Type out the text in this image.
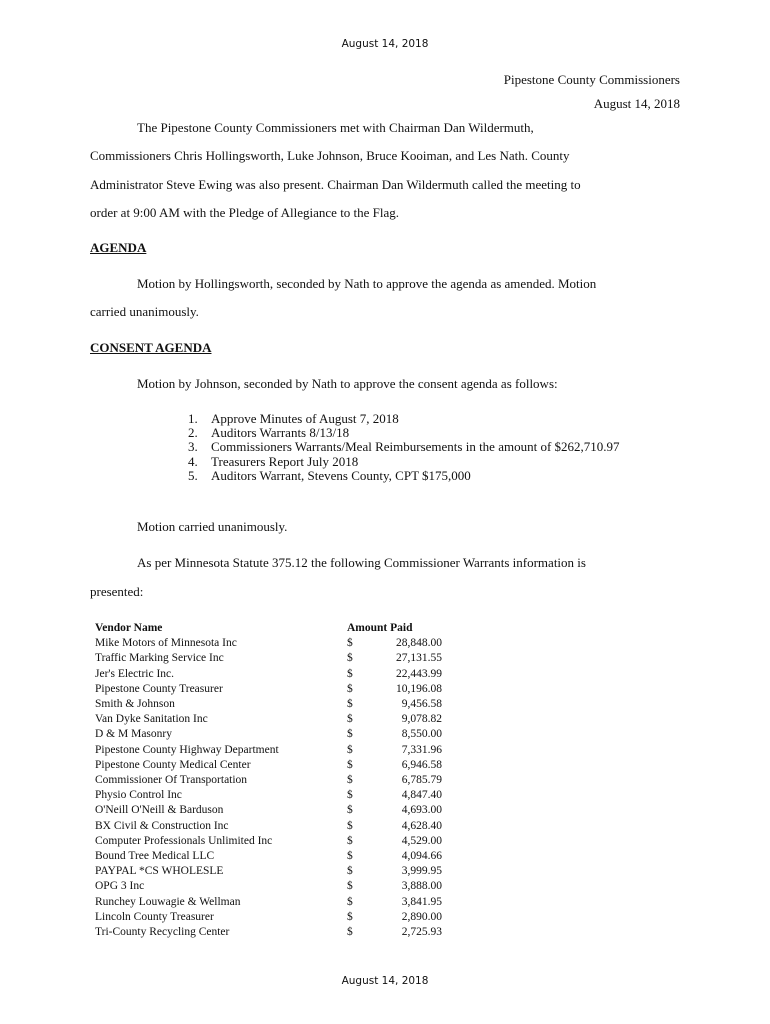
August 14, 2018
Pipestone County Commissioners
August 14, 2018
The Pipestone County Commissioners met with Chairman Dan Wildermuth,
Commissioners Chris Hollingsworth, Luke Johnson, Bruce Kooiman, and Les Nath. County
Administrator Steve Ewing was also present. Chairman Dan Wildermuth called the meeting to
order at 9:00 AM with the Pledge of Allegiance to the Flag.
AGENDA
Motion by Hollingsworth, seconded by Nath to approve the agenda as amended. Motion
carried unanimously.
CONSENT AGENDA
Motion by Johnson, seconded by Nath to approve the consent agenda as follows:
1. Approve Minutes of August 7, 2018
2. Auditors Warrants 8/13/18
3. Commissioners Warrants/Meal Reimbursements in the amount of $262,710.97
4. Treasurers Report July 2018
5. Auditors Warrant, Stevens County, CPT $175,000
Motion carried unanimously.
As per Minnesota Statute 375.12 the following Commissioner Warrants information is
presented:
Vendor Name	Amount Paid	
Mike Motors of Minnesota Inc	$	28,848.00
Traffic Marking Service Inc	$	27,131.55
Jer's Electric Inc.	$	22,443.99
Pipestone County Treasurer	$	10,196.08
Smith & Johnson	$	9,456.58
Van Dyke Sanitation Inc	$	9,078.82
D & M Masonry	$	8,550.00
Pipestone County Highway Department	$	7,331.96
Pipestone County Medical Center	$	6,946.58
Commissioner Of Transportation	$	6,785.79
Physio Control Inc	$	4,847.40
O'Neill O'Neill & Barduson	$	4,693.00
BX Civil & Construction Inc	$	4,628.40
Computer Professionals Unlimited Inc	$	4,529.00
Bound Tree Medical LLC	$	4,094.66
PAYPAL *CS WHOLESLE	$	3,999.95
OPG 3 Inc	$	3,888.00
Runchey Louwagie & Wellman	$	3,841.95
Lincoln County Treasurer	$	2,890.00
Tri-County Recycling Center	$	2,725.93
August 14, 2018
